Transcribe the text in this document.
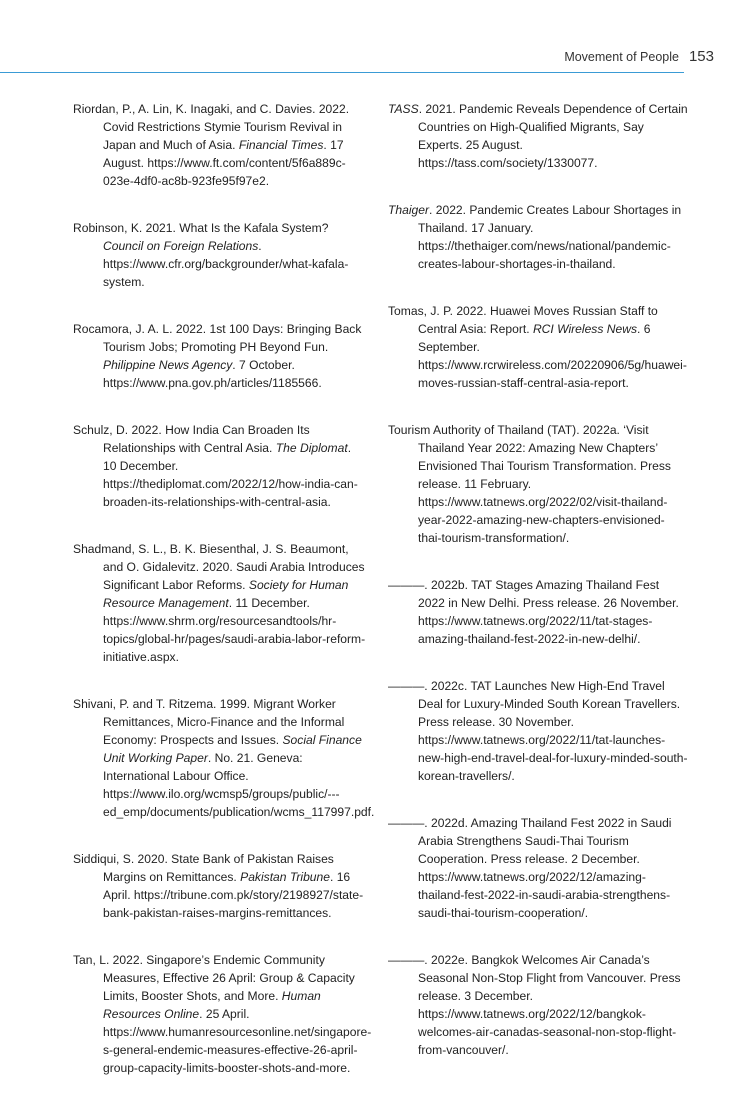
Movement of People 153

Riordan, P., A. Lin, K. Inagaki, and C. Davies. 2022. Covid Restrictions Stymie Tourism Revival in Japan and Much of Asia. Financial Times. 17 August. https://www.ft.com/content/5f6a889c-023e-4df0-ac8b-923fe95f97e2.

Robinson, K. 2021. What Is the Kafala System? Council on Foreign Relations. https://www.cfr.org/backgrounder/what-kafala-system.

Rocamora, J. A. L. 2022. 1st 100 Days: Bringing Back Tourism Jobs; Promoting PH Beyond Fun. Philippine News Agency. 7 October. https://www.pna.gov.ph/articles/1185566.

Schulz, D. 2022. How India Can Broaden Its Relationships with Central Asia. The Diplomat. 10 December. https://thediplomat.com/2022/12/how-india-can-broaden-its-relationships-with-central-asia.

Shadmand, S. L., B. K. Biesenthal, J. S. Beaumont, and O. Gidalevitz. 2020. Saudi Arabia Introduces Significant Labor Reforms. Society for Human Resource Management. 11 December. https://www.shrm.org/resourcesandtools/hr-topics/global-hr/pages/saudi-arabia-labor-reform-initiative.aspx.

Shivani, P. and T. Ritzema. 1999. Migrant Worker Remittances, Micro-Finance and the Informal Economy: Prospects and Issues. Social Finance Unit Working Paper. No. 21. Geneva: International Labour Office. https://www.ilo.org/wcmsp5/groups/public/---ed_emp/documents/publication/wcms_117997.pdf.

Siddiqui, S. 2020. State Bank of Pakistan Raises Margins on Remittances. Pakistan Tribune. 16 April. https://tribune.com.pk/story/2198927/state-bank-pakistan-raises-margins-remittances.

Tan, L. 2022. Singapore’s Endemic Community Measures, Effective 26 April: Group & Capacity Limits, Booster Shots, and More. Human Resources Online. 25 April. https://www.humanresourcesonline.net/singapore-s-general-endemic-measures-effective-26-april-group-capacity-limits-booster-shots-and-more.

TASS. 2021. Pandemic Reveals Dependence of Certain Countries on High-Qualified Migrants, Say Experts. 25 August. https://tass.com/society/1330077.

Thaiger. 2022. Pandemic Creates Labour Shortages in Thailand. 17 January. https://thethaiger.com/news/national/pandemic-creates-labour-shortages-in-thailand.

Tomas, J. P. 2022. Huawei Moves Russian Staff to Central Asia: Report. RCI Wireless News. 6 September. https://www.rcrwireless.com/20220906/5g/huawei-moves-russian-staff-central-asia-report.

Tourism Authority of Thailand (TAT). 2022a. ‘Visit Thailand Year 2022: Amazing New Chapters’ Envisioned Thai Tourism Transformation. Press release. 11 February. https://www.tatnews.org/2022/02/visit-thailand-year-2022-amazing-new-chapters-envisioned-thai-tourism-transformation/.

———. 2022b. TAT Stages Amazing Thailand Fest 2022 in New Delhi. Press release. 26 November. https://www.tatnews.org/2022/11/tat-stages-amazing-thailand-fest-2022-in-new-delhi/.

———. 2022c. TAT Launches New High-End Travel Deal for Luxury-Minded South Korean Travellers. Press release. 30 November. https://www.tatnews.org/2022/11/tat-launches-new-high-end-travel-deal-for-luxury-minded-south-korean-travellers/.

———. 2022d. Amazing Thailand Fest 2022 in Saudi Arabia Strengthens Saudi-Thai Tourism Cooperation. Press release. 2 December. https://www.tatnews.org/2022/12/amazing-thailand-fest-2022-in-saudi-arabia-strengthens-saudi-thai-tourism-cooperation/.

———. 2022e. Bangkok Welcomes Air Canada’s Seasonal Non-Stop Flight from Vancouver. Press release. 3 December. https://www.tatnews.org/2022/12/bangkok-welcomes-air-canadas-seasonal-non-stop-flight-from-vancouver/.
